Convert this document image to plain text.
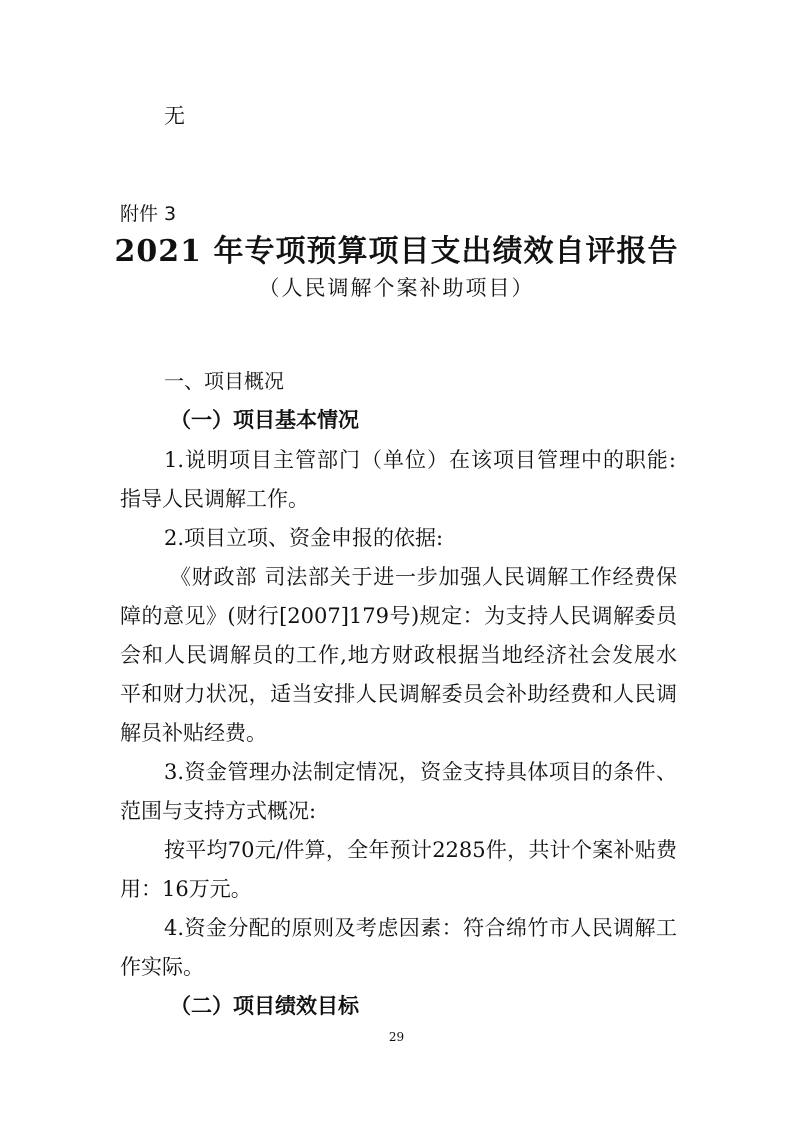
无
附件 3
2021 年专项预算项目支出绩效自评报告
（人民调解个案补助项目）
一、项目概况
（一）项目基本情况
1.说明项目主管部门（单位）在该项目管理中的职能:
指导人民调解工作。
2.项目立项、资金申报的依据:
《财政部 司法部关于进一步加强人民调解工作经费保
障的意见》(财行[2007]179号)规定：为支持人民调解委员
会和人民调解员的工作,地方财政根据当地经济社会发展水
平和财力状况，适当安排人民调解委员会补助经费和人民调
解员补贴经费。
3.资金管理办法制定情况，资金支持具体项目的条件、
范围与支持方式概况:
按平均70元/件算，全年预计2285件，共计个案补贴费
用：16万元。
4.资金分配的原则及考虑因素：符合绵竹市人民调解工
作实际。
（二）项目绩效目标
29
